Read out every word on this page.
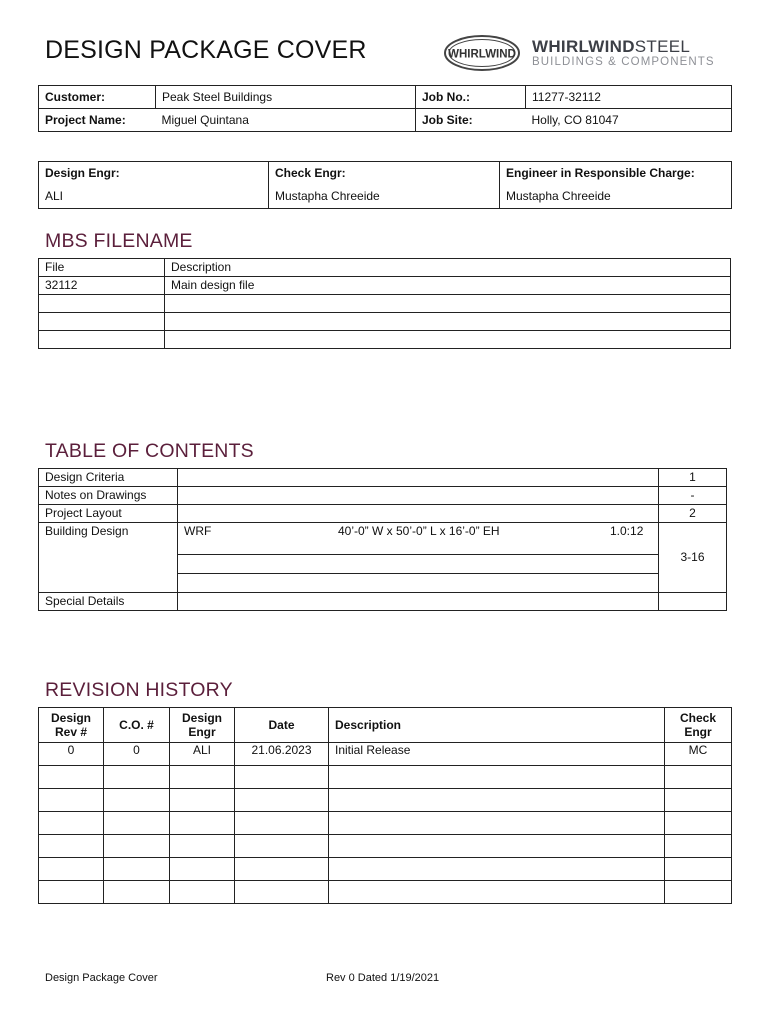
DESIGN PACKAGE COVER	WHIRLWIND WHIRLWINDSTEEL
BUILDINGS & COMPONENTS
Customer:	Peak Steel Buildings	Job No.:	11277-32112
Project Name:	Miguel Quintana	Job Site:	Holly, CO 81047
Design Engr:	Check Engr:	Engineer in Responsible Charge:
ALI	Mustapha Chreeide	Mustapha Chreeide
MBS FILENAME
File	Description
32112	Main design file

TABLE OF CONTENTS
Design Criteria		1
Notes on Drawings		-
Project Layout		2
Building Design	WRF 40’-0” W x 50’-0” L x 16’-0” EH 1.0:12	3-16

Special Details		
REVISION HISTORY
Design Rev #	C.O. #	Design Engr	Date	Description	Check Engr
0	0	ALI	21.06.2023	Initial Release	MC

Design Package Cover	Rev 0 Dated 1/19/2021
